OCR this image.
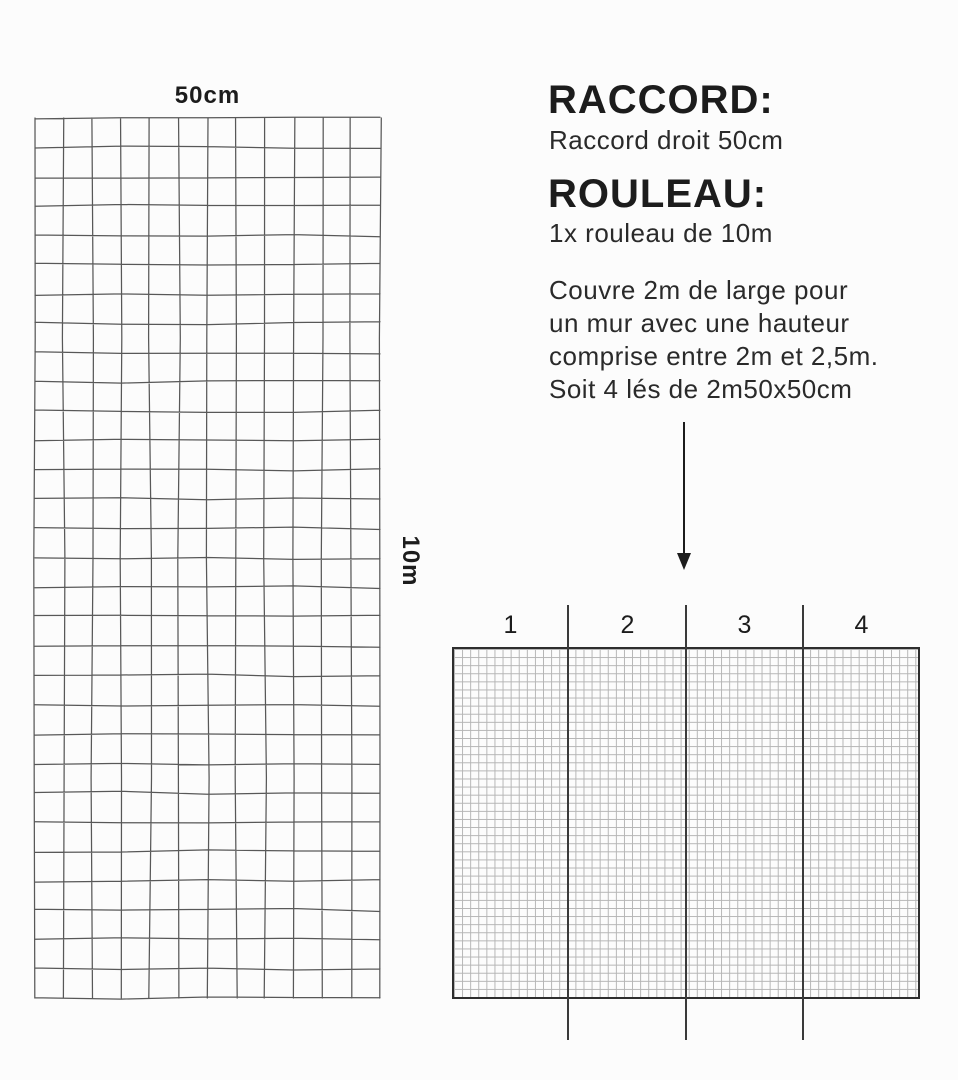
50cm
10m
RACCORD:
Raccord droit 50cm
ROULEAU:
1x rouleau de 10m
Couvre 2m de large pour
un mur avec une hauteur
comprise entre 2m et 2,5m.
Soit 4 lés de 2m50x50cm
1	2	3	4
